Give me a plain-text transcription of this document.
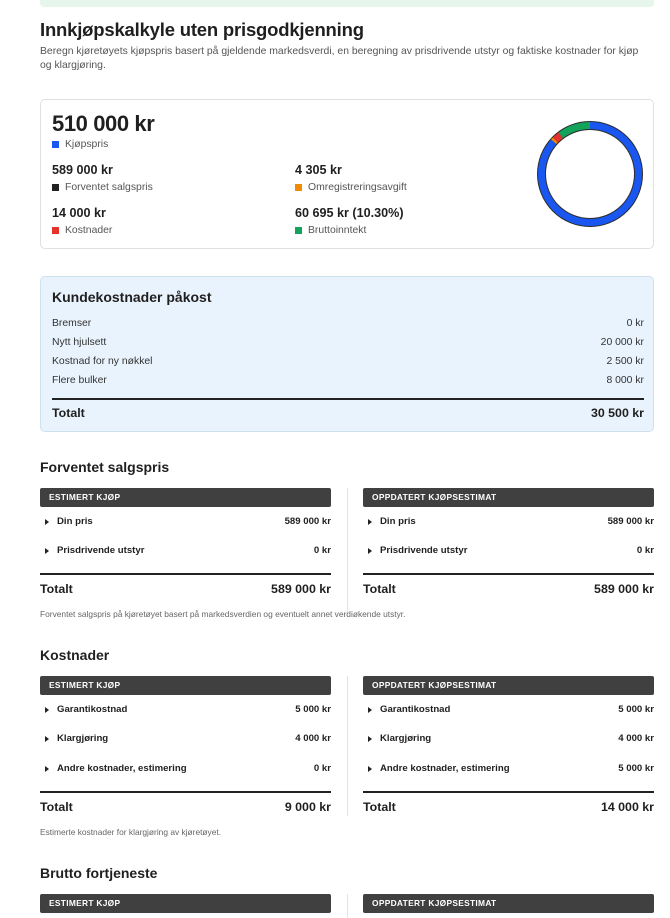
Innkjøpskalkyle uten prisgodkjenning

Beregn kjøretøyets kjøpspris basert på gjeldende markedsverdi, en beregning av prisdrivende utstyr og faktiske kostnader for kjøp og klargjøring.

510 000 kr
Kjøpspris
589 000 kr
Forventet salgspris
4 305 kr
Omregistreringsavgift
14 000 kr
Kostnader
60 695 kr (10.30%)
Bruttoinntekt
Kundekostnader påkost
Bremser	0 kr
Nytt hjulsett	20 000 kr
Kostnad for ny nøkkel	2 500 kr
Flere bulker	8 000 kr
Totalt	30 500 kr
Forventet salgspris
ESTIMERT KJØP
Din pris	589 000 kr
Prisdrivende utstyr	0 kr
Totalt	589 000 kr
OPPDATERT KJØPSESTIMAT
Din pris	589 000 kr
Prisdrivende utstyr	0 kr
Totalt	589 000 kr
Forventet salgspris på kjøretøyet basert på markedsverdien og eventuelt annet verdiøkende utstyr.
Kostnader
ESTIMERT KJØP
Garantikostnad	5 000 kr
Klargjøring	4 000 kr
Andre kostnader, estimering	0 kr
Totalt	9 000 kr
OPPDATERT KJØPSESTIMAT
Garantikostnad	5 000 kr
Klargjøring	4 000 kr
Andre kostnader, estimering	5 000 kr
Totalt	14 000 kr
Estimerte kostnader for klargjøring av kjøretøyet.
Brutto fortjeneste
ESTIMERT KJØP	OPPDATERT KJØPSESTIMAT
